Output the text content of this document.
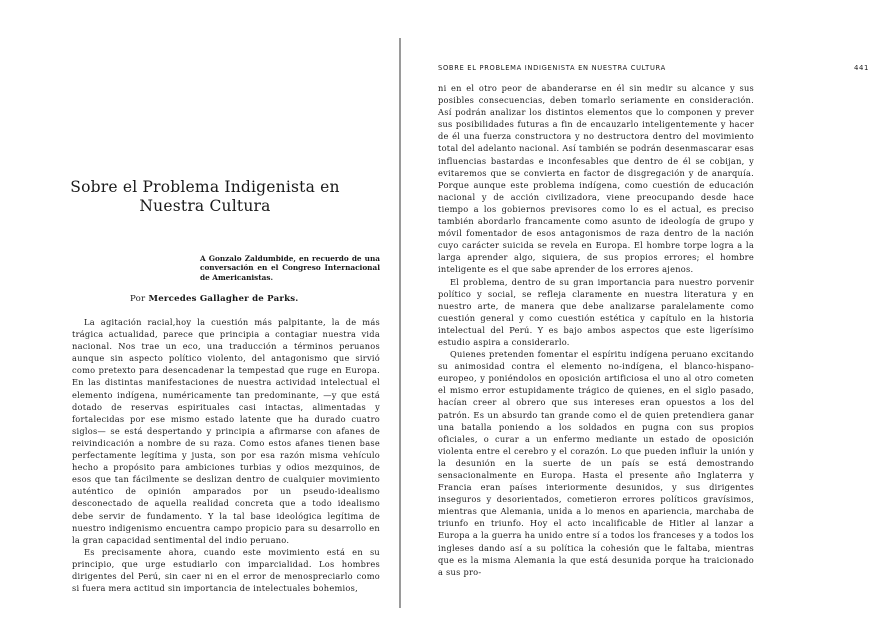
Sobre el Problema Indigenista en
Nuestra Cultura
A Gonzalo Zaldumbide, en recuerdo de una conversación en el Congreso Internacional de Americanistas.
Por Mercedes Gallagher de Parks.

La agitación racial,hoy la cuestión más palpitante, la de más trágica actualidad, parece que principia a contagiar nuestra vida nacional. Nos trae un eco, una traducción a términos peruanos aunque sin aspecto político violento, del antagonismo que sirvió como pretexto para desencadenar la tempestad que ruge en Europa. En las distintas manifestaciones de nuestra actividad intelectual el elemento indígena, numéricamente tan predominante, —y que está dotado de reservas espirituales casi intactas, alimentadas y fortalecidas por ese mismo estado latente que ha durado cuatro siglos— se está despertando y principia a afirmarse con afanes de reivindicación a nombre de su raza. Como estos afanes tienen base perfectamente legítima y justa, son por esa razón misma vehículo hecho a propósito para ambiciones turbias y odios mezquinos, de esos que tan fácilmente se deslizan dentro de cualquier movimiento auténtico de opinión amparados por un pseudo-idealismo desconectado de aquella realidad concreta que a todo idealismo debe servir de fundamento. Y la tal base ideológica legítima de nuestro indigenismo encuentra campo propicio para su desarrollo en la gran capacidad sentimental del indio peruano.

Es precisamente ahora, cuando este movimiento está en su principio, que urge estudiarlo con imparcialidad. Los hombres dirigentes del Perú, sin caer ni en el error de menospreciarlo como si fuera mera actitud sin importancia de intelectuales bohemios,

SOBRE EL PROBLEMA INDIGENISTA EN NUESTRA CULTURA	441

ni en el otro peor de abanderarse en él sin medir su alcance y sus posibles consecuencias, deben tomarlo seriamente en consideración. Así podrán analizar los distintos elementos que lo componen y prever sus posibilidades futuras a fin de encauzarlo inteligentemente y hacer de él una fuerza constructora y no destructora dentro del movimiento total del adelanto nacional. Así también se podrán desenmascarar esas influencias bastardas e inconfesables que dentro de él se cobijan, y evitaremos que se convierta en factor de disgregación y de anarquía. Porque aunque este problema indígena, como cuestión de educación nacional y de acción civilizadora, viene preocupando desde hace tiempo a los gobiernos previsores como lo es el actual, es preciso también abordarlo francamente como asunto de ideología de grupo y móvil fomentador de esos antagonismos de raza dentro de la nación cuyo carácter suicida se revela en Europa. El hombre torpe logra a la larga aprender algo, siquiera, de sus propios errores; el hombre inteligente es el que sabe aprender de los errores ajenos.

El problema, dentro de su gran importancia para nuestro porvenir político y social, se refleja claramente en nuestra literatura y en nuestro arte, de manera que debe analizarse paralelamente como cuestión general y como cuestión estética y capítulo en la historia intelectual del Perú. Y es bajo ambos aspectos que este ligerísimo estudio aspira a considerarlo.

Quienes pretenden fomentar el espíritu indígena peruano excitando su animosidad contra el elemento no-indígena, el blanco-hispano-europeo, y poniéndolos en oposición artificiosa el uno al otro cometen el mismo error estupidamente trágico de quienes, en el siglo pasado, hacían creer al obrero que sus intereses eran opuestos a los del patrón. Es un absurdo tan grande como el de quien pretendiera ganar una batalla poniendo a los soldados en pugna con sus propios oficiales, o curar a un enfermo mediante un estado de oposición violenta entre el cerebro y el corazón. Lo que pueden influir la unión y la desunión en la suerte de un país se está demostrando sensacionalmente en Europa. Hasta el presente año Inglaterra y Francia eran países interiormente desunidos, y sus dirigentes inseguros y desorientados, cometieron errores políticos gravísimos, mientras que Alemania, unida a lo menos en apariencia, marchaba de triunfo en triunfo. Hoy el acto incalificable de Hitler al lanzar a Europa a la guerra ha unido entre sí a todos los franceses y a todos los ingleses dando así a su política la cohesión que le faltaba, mientras que es la misma Alemania la que está desunida porque ha traicionado a sus pro-
